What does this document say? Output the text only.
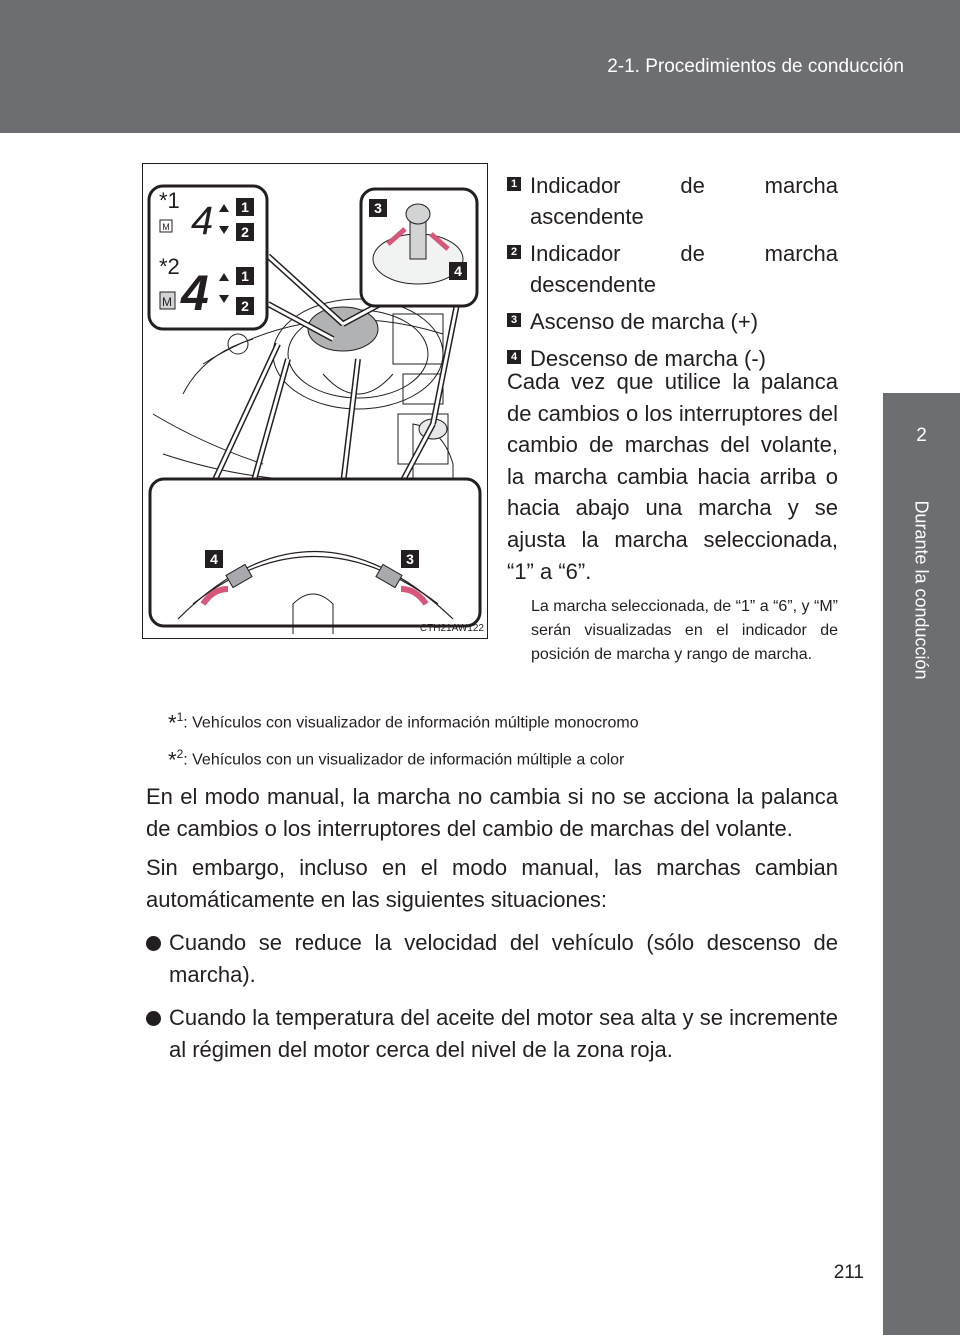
2-1. Procedimientos de conducción
2
Durante la conducción
1
2
1
2
3
4
4	3
*1
*2
M 4
M 4
CTH21AW122
1 Indicador de marcha ascendente
2 Indicador de marcha descendente
3 Ascenso de marcha (+)
4 Descenso de marcha (-)
Cada vez que utilice la palanca de cambios o los interruptores del cambio de marchas del volante, la marcha cambia hacia arriba o hacia abajo una marcha y se ajusta la marcha seleccionada, “1” a “6”.
La marcha seleccionada, de “1” a “6”, y “M” serán visualizadas en el indicador de posición de marcha y rango de marcha.
*$^1$: Vehículos con visualizador de información múltiple monocromo
*$^2$: Vehículos con un visualizador de información múltiple a color
En el modo manual, la marcha no cambia si no se acciona la palanca de cambios o los interruptores del cambio de marchas del volante.
Sin embargo, incluso en el modo manual, las marchas cambian automáticamente en las siguientes situaciones:
Cuando se reduce la velocidad del vehículo (sólo descenso de marcha).
Cuando la temperatura del aceite del motor sea alta y se incremente al régimen del motor cerca del nivel de la zona roja.
211
